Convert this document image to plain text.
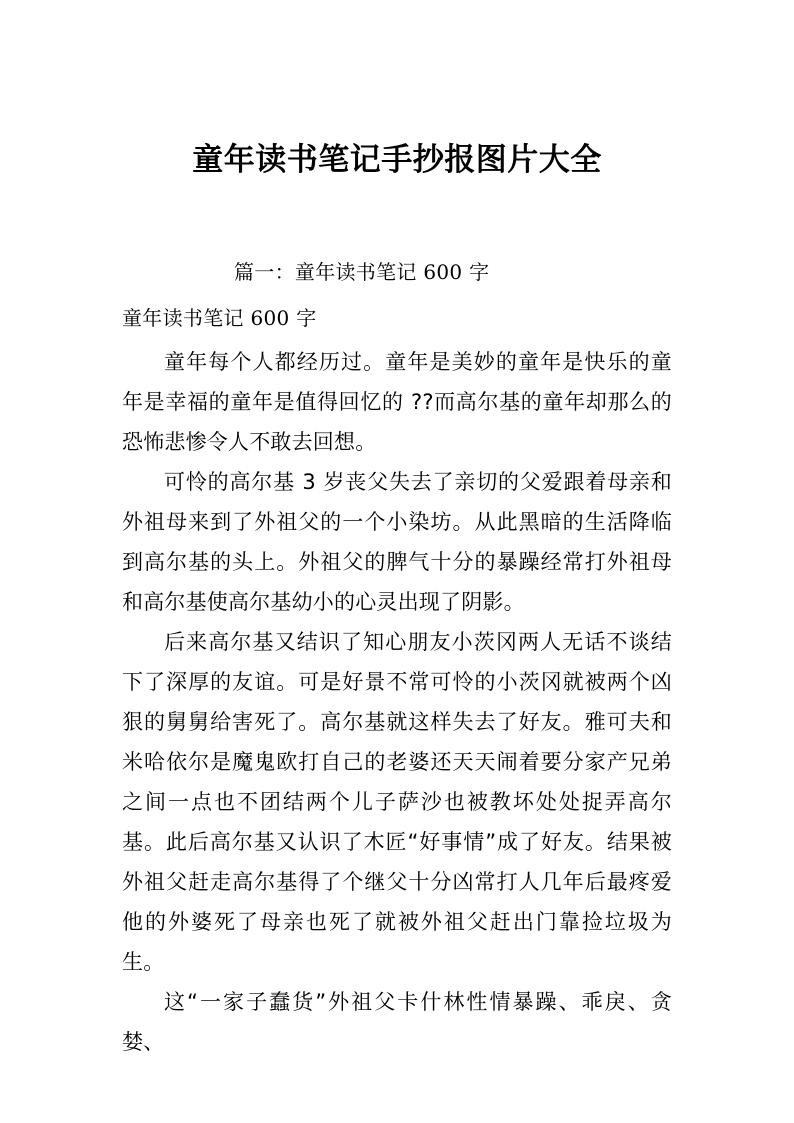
童年读书笔记手抄报图片大全

篇一：童年读书笔记 600 字

童年读书笔记 600 字

童年每个人都经历过。童年是美妙的童年是快乐的童年是幸福的童年是值得回忆的 ??而高尔基的童年却那么的恐怖悲惨令人不敢去回想。

可怜的高尔基 3 岁丧父失去了亲切的父爱跟着母亲和外祖母来到了外祖父的一个小染坊。从此黑暗的生活降临到高尔基的头上。外祖父的脾气十分的暴躁经常打外祖母和高尔基使高尔基幼小的心灵出现了阴影。

后来高尔基又结识了知心朋友小茨冈两人无话不谈结下了深厚的友谊。可是好景不常可怜的小茨冈就被两个凶狠的舅舅给害死了。高尔基就这样失去了好友。雅可夫和米哈依尔是魔鬼欧打自己的老婆还天天闹着要分家产兄弟之间一点也不团结两个儿子萨沙也被教坏处处捉弄高尔基。此后高尔基又认识了木匠“好事情”成了好友。结果被外祖父赶走高尔基得了个继父十分凶常打人几年后最疼爱他的外婆死了母亲也死了就被外祖父赶出门靠捡垃圾为生。

这“一家子蠢货”外祖父卡什林性情暴躁、乖戾、贪婪、
